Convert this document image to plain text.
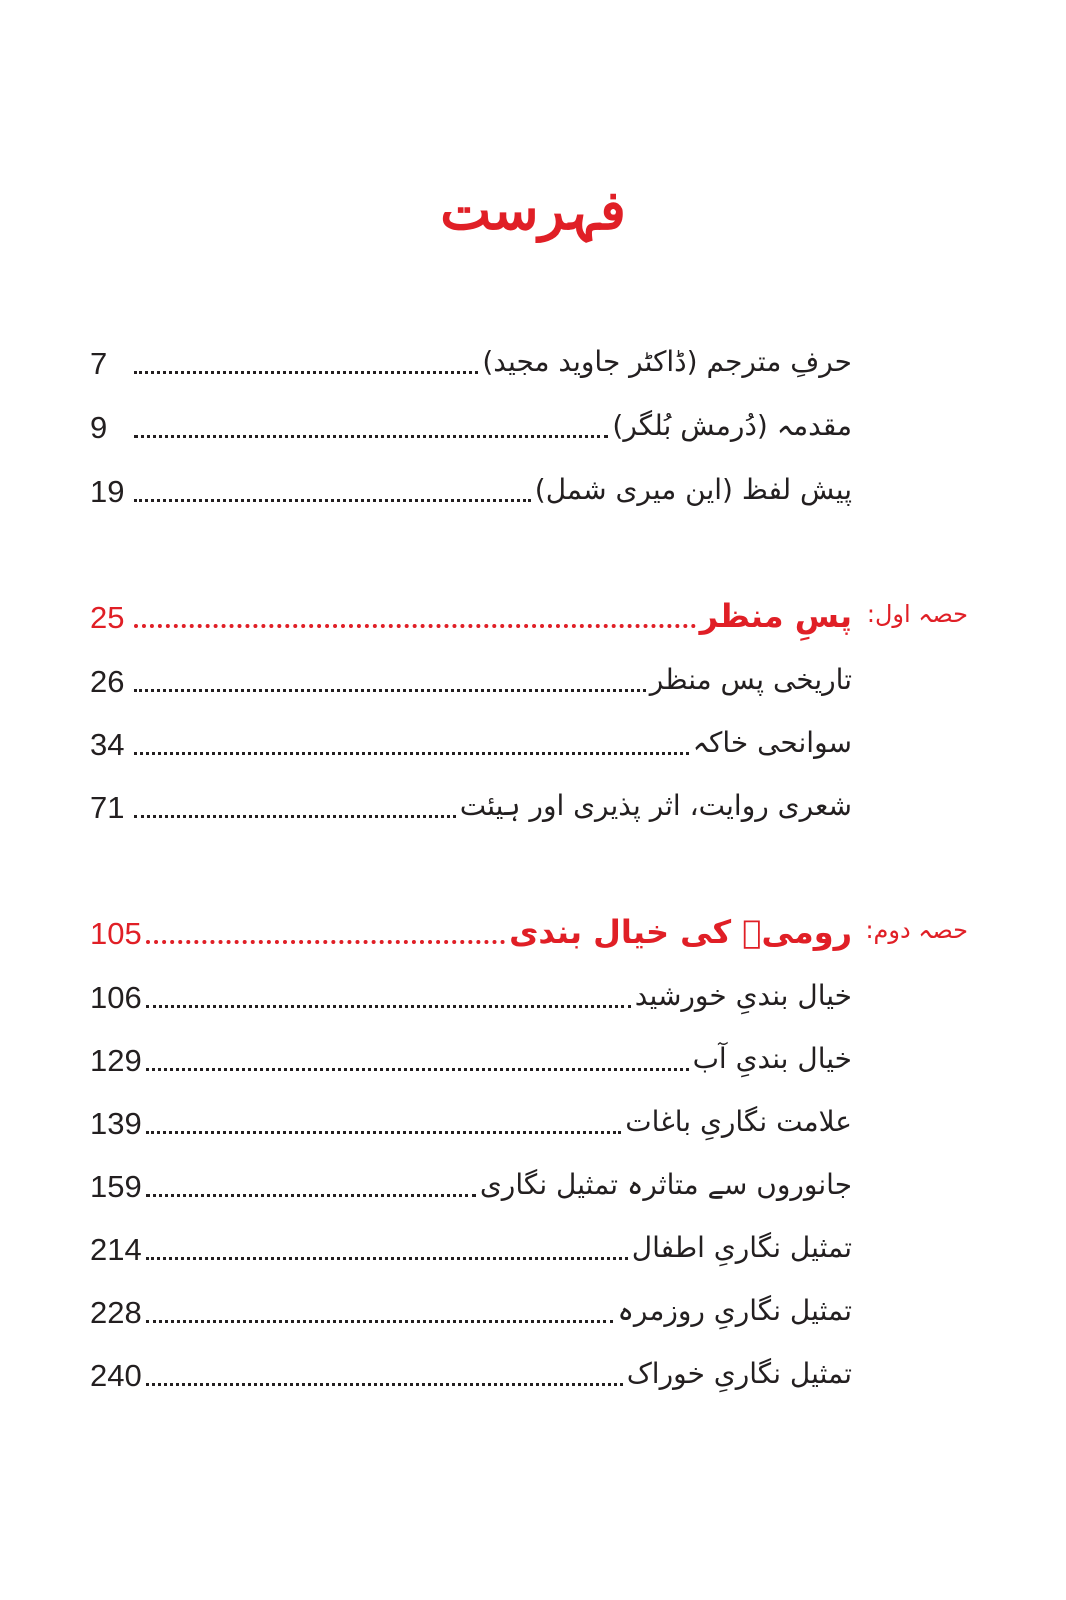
فہرست
حرفِ مترجم (ڈاکٹر جاوید مجید)
7
مقدمہ (دُرمش بُلگر)
9
پیش لفظ (این میری شمل)
19
حصہ اول:
پسِ منظر
25
تاریخی پس منظر
26
سوانحی خاکہ
34
شعری روایت، اثر پذیری اور ہیئت
71
حصہ دوم:
رومیؒ کی خیال بندی
105
خیال بندیِ خورشید
106
خیال بندیِ آب
129
علامت نگاریِ باغات
139
جانوروں سے متاثرہ تمثیل نگاری
159
تمثیل نگاریِ اطفال
214
تمثیل نگاریِ روزمرہ
228
تمثیل نگاریِ خوراک
240
